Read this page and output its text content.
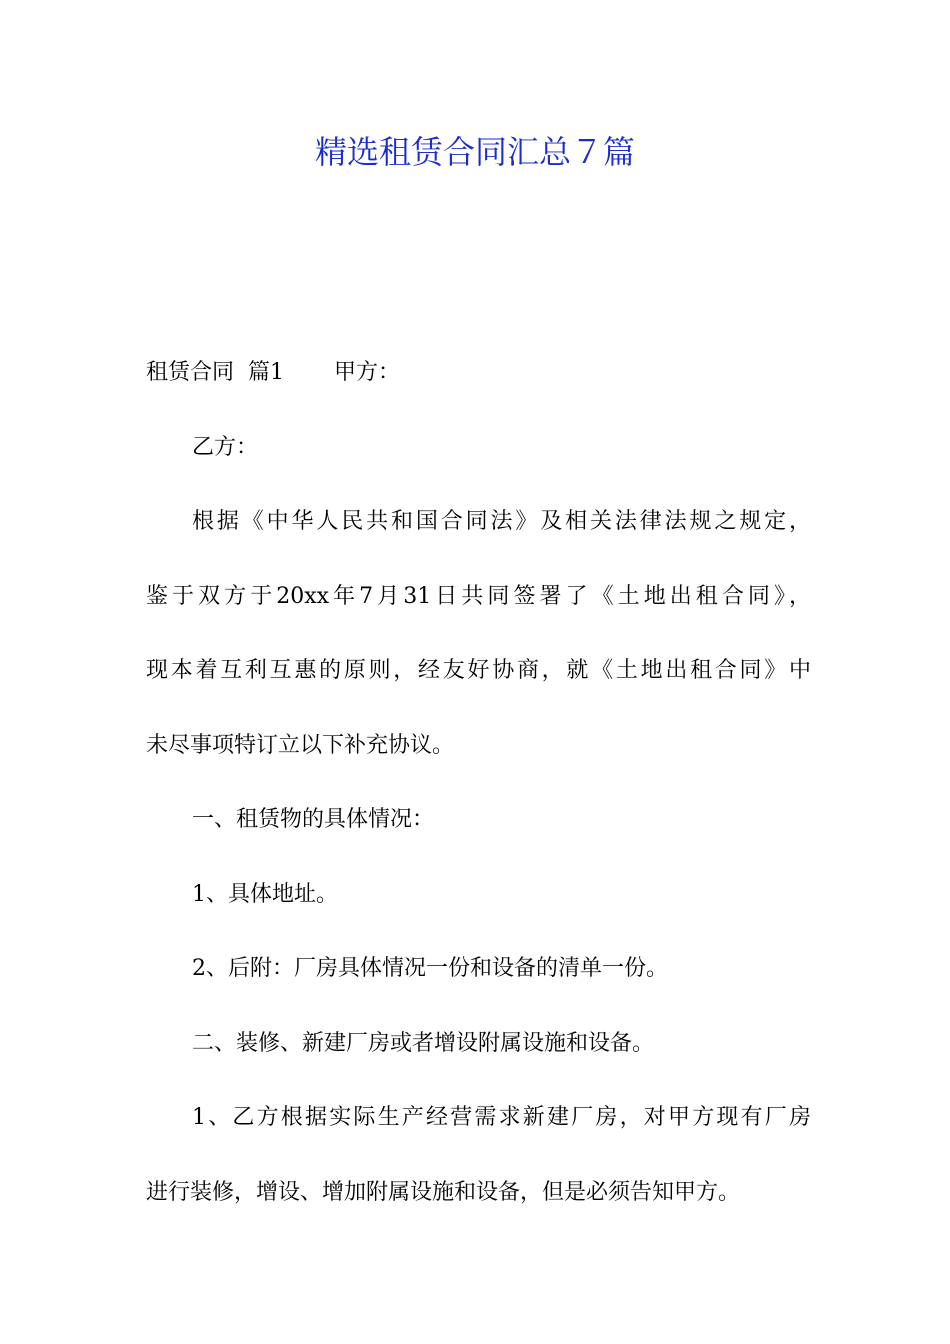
精选租赁合同汇总７篇
租赁合同  篇1 甲方：
乙方：
根据《中华人民共和国合同法》及相关法律法规之规定，
鉴于双方于20xx年7月31日共同签署了《土地出租合同》，
现本着互利互惠的原则，经友好协商，就《土地出租合同》中
未尽事项特订立以下补充协议。
一、租赁物的具体情况：
1、具体地址。
2、后附：厂房具体情况一份和设备的清单一份。
二、装修、新建厂房或者增设附属设施和设备。
1、乙方根据实际生产经营需求新建厂房，对甲方现有厂房
进行装修，增设、增加附属设施和设备，但是必须告知甲方。
